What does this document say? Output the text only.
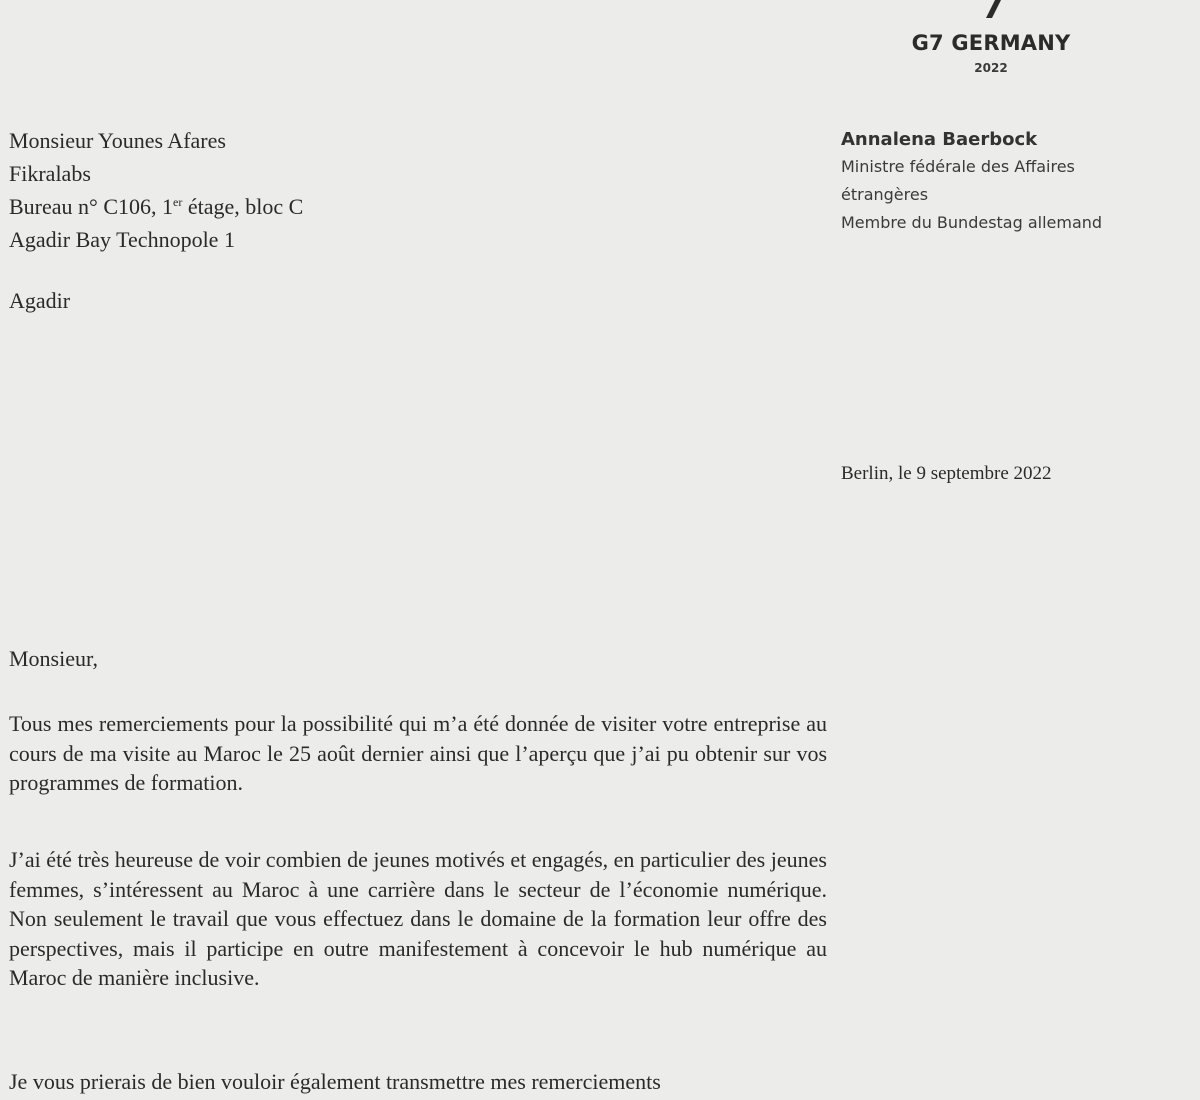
G7 GERMANY
2022
Monsieur Younes Afares
Fikralabs
Bureau n° C106, 1er étage, bloc C
Agadir Bay Technopole 1
Agadir
Annalena Baerbock
Ministre fédérale des Affaires
étrangères
Membre du Bundestag allemand
Berlin, le 9 septembre 2022
Monsieur,

Tous mes remerciements pour la possibilité qui m’a été donnée de visiter votre entreprise au cours de ma visite au Maroc le 25 août dernier ainsi que l’aperçu que j’ai pu obtenir sur vos programmes de formation.

J’ai été très heureuse de voir combien de jeunes motivés et engagés, en particulier des jeunes femmes, s’intéressent au Maroc à une carrière dans le secteur de l’économie numérique. Non seulement le travail que vous effectuez dans le domaine de la formation leur offre des perspectives, mais il participe en outre manifestement à concevoir le hub numérique au Maroc de manière inclusive.

Je vous prierais de bien vouloir également transmettre mes remerciements
